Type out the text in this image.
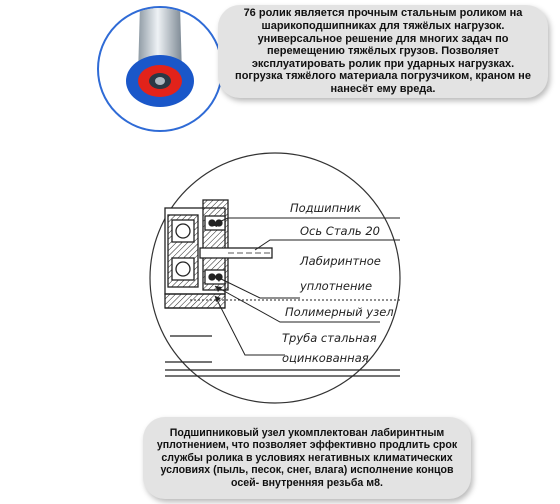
76 ролик является прочным стальным роликом на шарикоподшипниках для тяжёлых нагрузок. универсальное решение для многих задач по перемещению тяжёлых грузов. Позволяет эксплуатировать ролик при ударных нагрузках. погрузка тяжёлого материала погрузчиком, краном не нанесёт ему вреда.

Подшипник
Ось Сталь 20
Лабиринтное
уплотнение
Полимерный узел
Труба стальная
оцинкованная

Подшипниковый узел укомплектован лабиринтным уплотнением, что позволяет эффективно продлить срок службы ролика в условиях негативных климатических условиях (пыль, песок, снег, влага) исполнение концов осей- внутренняя резьба м8.
